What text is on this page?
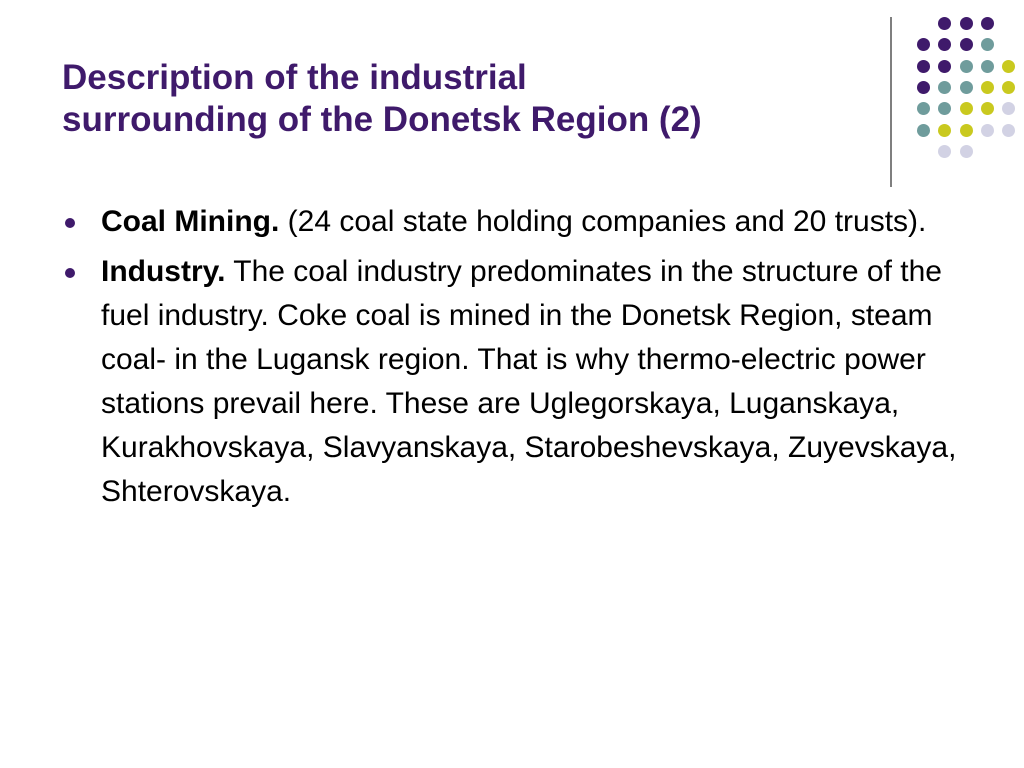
Description of the industrial
surrounding of the Donetsk Region (2)
Coal Mining. (24 coal state holding companies and 20 trusts).
Industry. The coal industry predominates in the structure of the fuel industry. Coke coal is mined in the Donetsk Region, steam coal- in the Lugansk region. That is why thermo-electric power stations prevail here. These are Uglegorskaya, Luganskaya, Kurakhovskaya, Slavyanskaya, Starobeshevskaya, Zuyevskaya, Shterovskaya.
